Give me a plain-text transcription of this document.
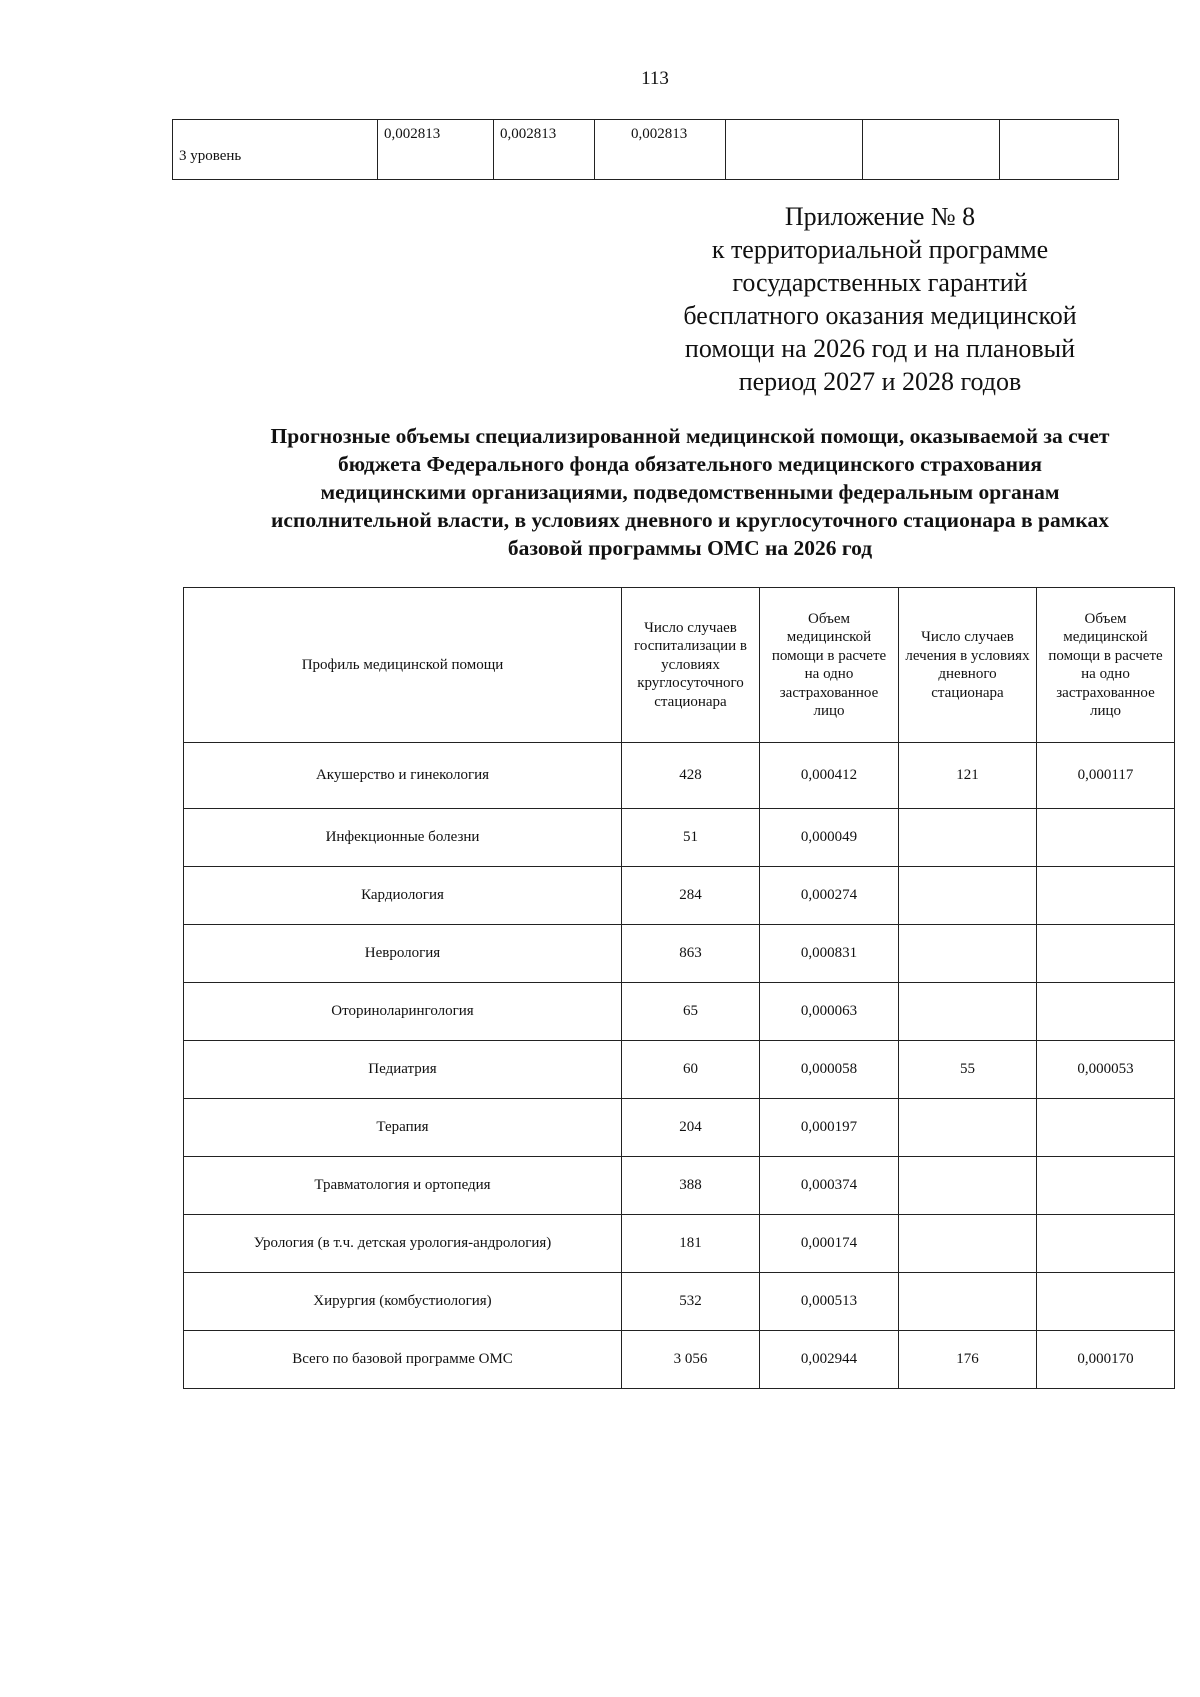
113
3 уровень	0,002813	0,002813	0,002813			
Приложение № 8
к территориальной программе
государственных гарантий
бесплатного оказания медицинской
помощи на 2026 год и на плановый
период 2027 и 2028 годов
Прогнозные объемы специализированной медицинской помощи, оказываемой за счет
бюджета Федерального фонда обязательного медицинского страхования
медицинскими организациями, подведомственными федеральным органам
исполнительной власти, в условиях дневного и круглосуточного стационара в рамках
базовой программы ОМС на 2026 год
Профиль медицинской помощи	Число случаев госпитализации в условиях круглосуточного стационара	Объем медицинской помощи в расчете на одно застрахованное лицо	Число случаев лечения в условиях дневного стационара	Объем медицинской помощи в расчете на одно застрахованное лицо
Акушерство и гинекология	428	0,000412	121	0,000117
Инфекционные болезни	51	0,000049		
Кардиология	284	0,000274		
Неврология	863	0,000831		
Оториноларингология	65	0,000063		
Педиатрия	60	0,000058	55	0,000053
Терапия	204	0,000197		
Травматология и ортопедия	388	0,000374		
Урология (в т.ч. детская урология-андрология)	181	0,000174		
Хирургия (комбустиология)	532	0,000513		
Всего по базовой программе ОМС	3 056	0,002944	176	0,000170
